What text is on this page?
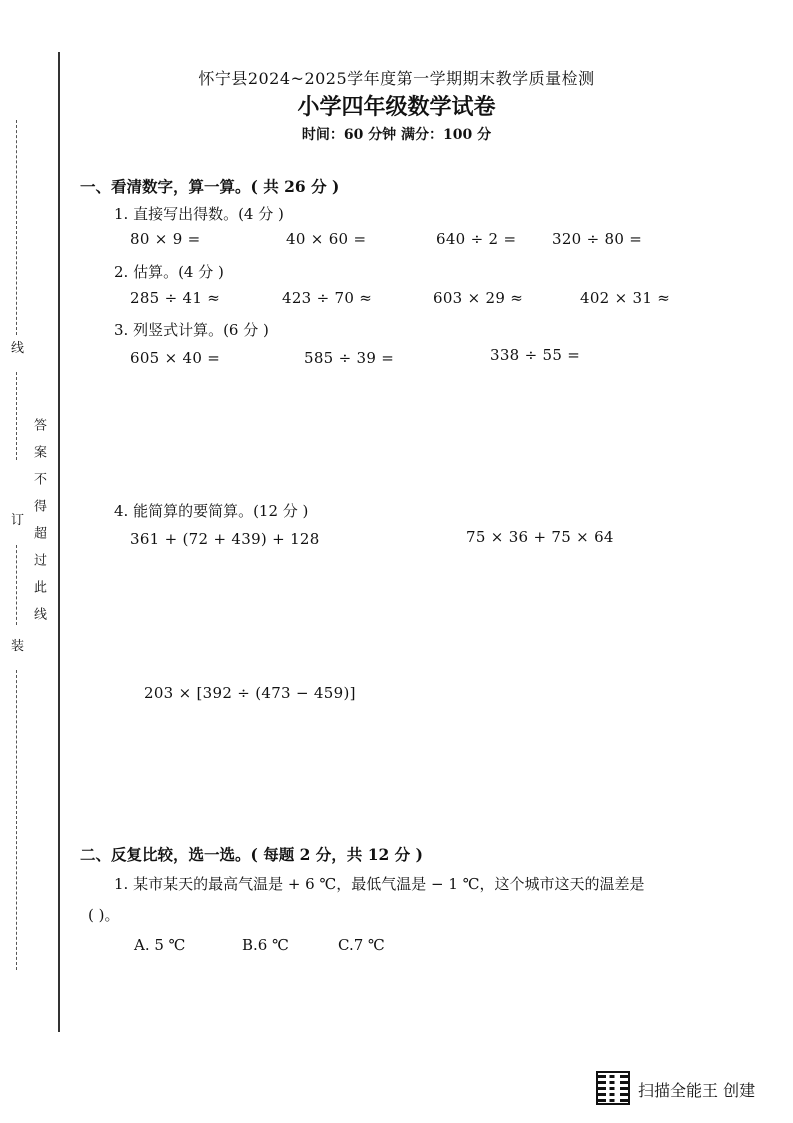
线
订
装
答案不得超过此线
怀宁县2024~2025学年度第一学期期末教学质量检测
小学四年级数学试卷
时间：60 分钟 满分：100 分
一、看清数字，算一算。( 共 26 分 )
1. 直接写出得数。(4 分 )
80 × 9 =	40 × 60 =	640 ÷ 2 = 320 ÷ 80 =
2. 估算。(4 分 )
285 ÷ 41 ≈	423 ÷ 70 ≈	603 × 29 ≈	402 × 31 ≈
3. 列竖式计算。(6 分 )
605 × 40 =	585 ÷ 39 =	338 ÷ 55 =
4. 能简算的要简算。(12 分 )
361 + (72 + 439) + 128	75 × 36 + 75 × 64
203 × [392 ÷ (473 − 459)]
二、反复比较，选一选。( 每题 2 分，共 12 分 )
1. 某市某天的最高气温是 + 6 ℃，最低气温是 − 1 ℃，这个城市这天的温差是
( )。
A. 5 ℃	B.6 ℃	C.7 ℃
扫描全能王 创建
